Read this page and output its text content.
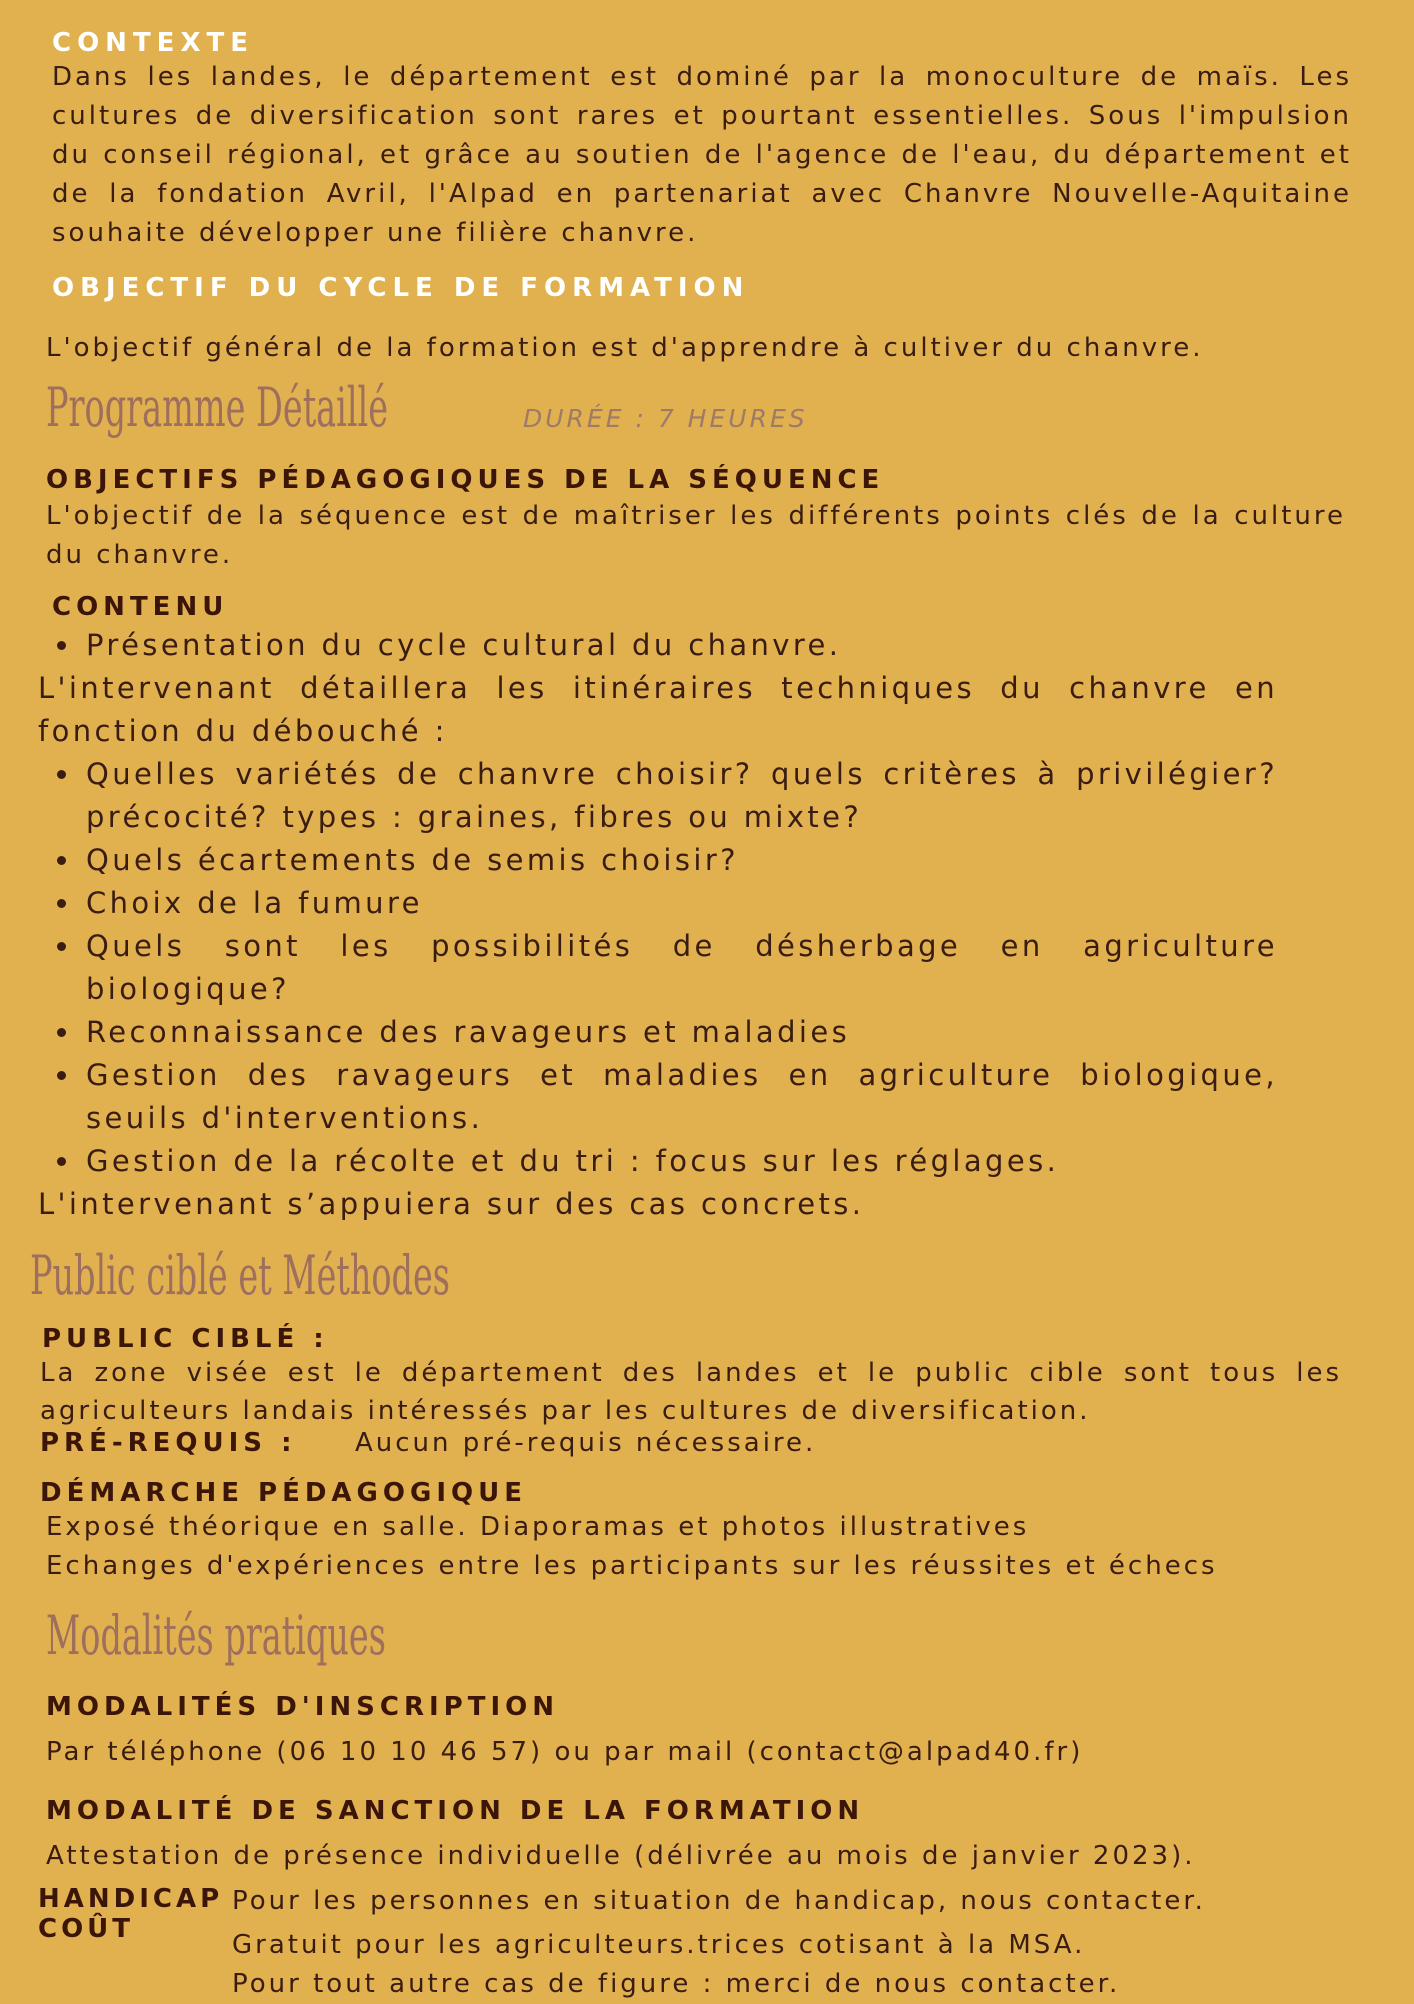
CONTEXTE
Dans les landes, le département est dominé par la monoculture de maïs. Les cultures de diversification sont rares et pourtant essentielles. Sous l'impulsion du conseil régional, et grâce au soutien de l'agence de l'eau, du département et de la fondation Avril, l'Alpad en partenariat avec Chanvre Nouvelle-Aquitaine souhaite développer une filière chanvre.
OBJECTIF DU CYCLE DE FORMATION
L'objectif général de la formation est d'apprendre à cultiver du chanvre.
Programme Détaillé	DURÉE : 7 HEURES
OBJECTIFS PÉDAGOGIQUES DE LA SÉQUENCE
L'objectif de la séquence est de maîtriser les différents points clés de la culture du chanvre.
CONTENU
Présentation du cycle cultural du chanvre.
L'intervenant détaillera les itinéraires techniques du chanvre en fonction du débouché :
Quelles variétés de chanvre choisir? quels critères à privilégier? précocité? types : graines, fibres ou mixte?
Quels écartements de semis choisir?
Choix de la fumure
Quels sont les possibilités de désherbage en agriculture biologique?
Reconnaissance des ravageurs et maladies
Gestion des ravageurs et maladies en agriculture biologique, seuils d'interventions.
Gestion de la récolte et du tri : focus sur les réglages.
L'intervenant s’appuiera sur des cas concrets.
Public ciblé et Méthodes
PUBLIC CIBLÉ :
La zone visée est le département des landes et le public cible sont tous les agriculteurs landais intéressés par les cultures de diversification.
PRÉ-REQUIS : Aucun pré-requis nécessaire.
DÉMARCHE PÉDAGOGIQUE
Exposé théorique en salle. Diaporamas et photos illustratives
Echanges d'expériences entre les participants sur les réussites et échecs
Modalités pratiques
MODALITÉS D'INSCRIPTION
Par téléphone (06 10 10 46 57) ou par mail (contact@alpad40.fr)
MODALITÉ DE SANCTION DE LA FORMATION
Attestation de présence individuelle (délivrée au mois de janvier 2023).
HANDICAP
COÛT
Pour les personnes en situation de handicap, nous contacter.
Gratuit pour les agriculteurs.trices cotisant à la MSA.
Pour tout autre cas de figure : merci de nous contacter.
